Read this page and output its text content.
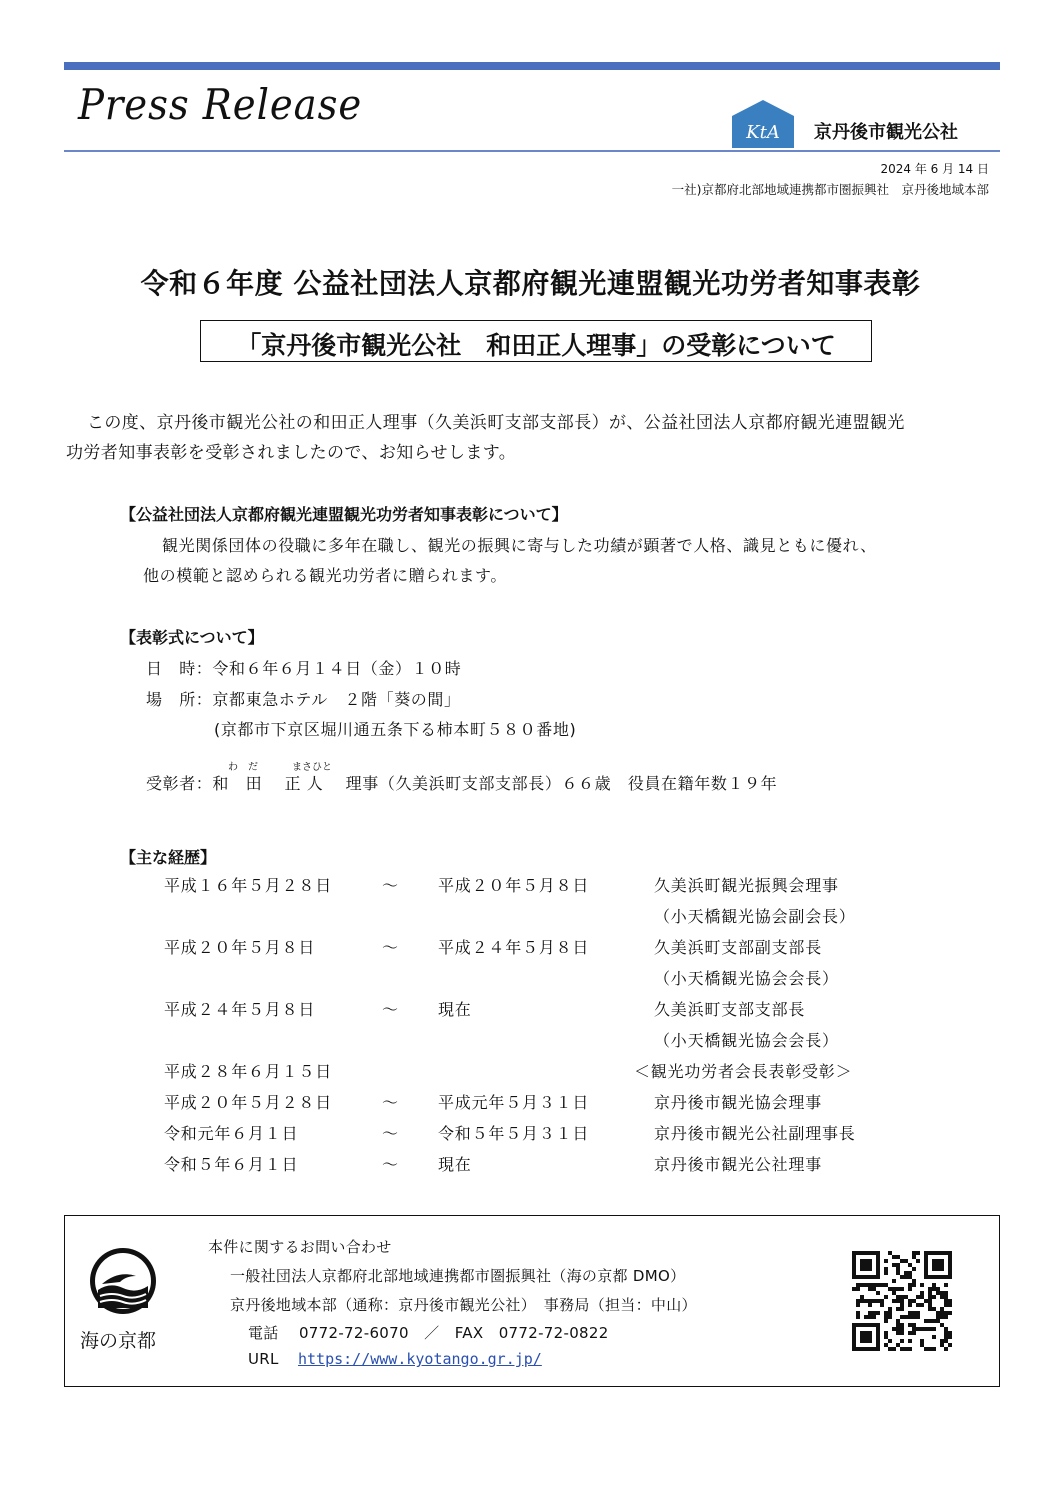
Press Release
KtA 京丹後市観光公社
2024 年 6 月 14 日
一社)京都府北部地域連携都市圏振興社　京丹後地域本部
令和６年度 公益社団法人京都府観光連盟観光功労者知事表彰
「京丹後市観光公社　和田正人理事」の受彰について
この度、京丹後市観光公社の和田正人理事（久美浜町支部支部長）が、公益社団法人京都府観光連盟観光
功労者知事表彰を受彰されましたので、お知らせします。
【公益社団法人京都府観光連盟観光功労者知事表彰について】
観光関係団体の役職に多年在職し、観光の振興に寄与した功績が顕著で人格、識見ともに優れ、
他の模範と認められる観光功労者に贈られます。
【表彰式について】
日　時：令和６年６月１４日（金）１０時
場　所：京都東急ホテル　２階「葵の間」
(京都市下京区堀川通五条下る柿本町５８０番地)
わ　だ	まさひと
受彰者：和　田　 正 人　 理事（久美浜町支部支部長）６６歳　役員在籍年数１９年
【主な経歴】
平成１６年５月２８日	～ 平成２０年５月８日	久美浜町観光振興会理事
（小天橋観光協会副会長）
平成２０年５月８日	～ 平成２４年５月８日	久美浜町支部副支部長
（小天橋観光協会会長）
平成２４年５月８日	～ 現在	久美浜町支部支部長
（小天橋観光協会会長）
平成２８年６月１５日	＜観光功労者会長表彰受彰＞
平成２０年５月２８日	～ 平成元年５月３１日	京丹後市観光協会理事
令和元年６月１日	～ 令和５年５月３１日	京丹後市観光公社副理事長
令和５年６月１日	～ 現在	京丹後市観光公社理事
海の京都
本件に関するお問い合わせ
一般社団法人京都府北部地域連携都市圏振興社（海の京都 DMO）
京丹後地域本部（通称：京丹後市観光公社）　事務局（担当：中山）
電話　 0772-72-6070　／　FAX　0772-72-0822
URL https://www.kyotango.gr.jp/
